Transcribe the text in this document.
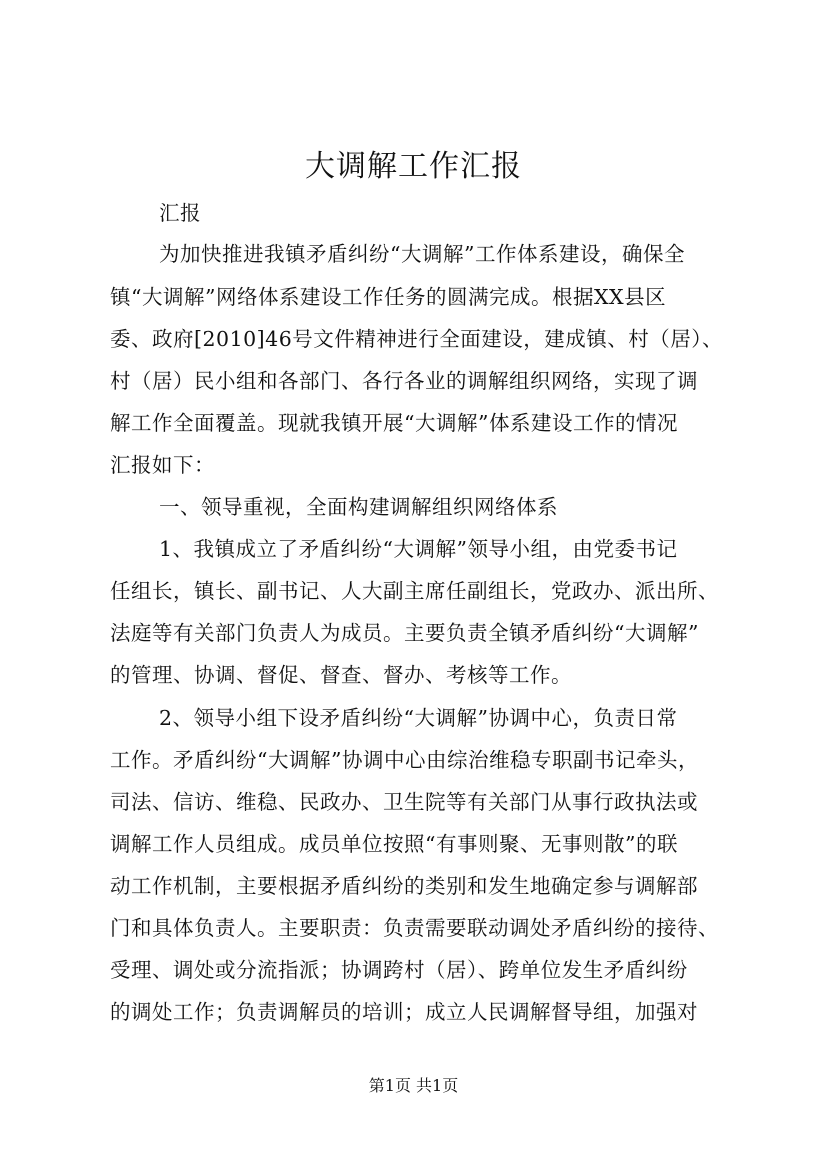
大调解工作汇报
汇报
为加快推进我镇矛盾纠纷“大调解”工作体系建设，确保全
镇“大调解”网络体系建设工作任务的圆满完成。根据XX县区
委、政府[2010]46号文件精神进行全面建设，建成镇、村（居）、
村（居）民小组和各部门、各行各业的调解组织网络，实现了调
解工作全面覆盖。现就我镇开展“大调解”体系建设工作的情况
汇报如下：
一、领导重视，全面构建调解组织网络体系
1、我镇成立了矛盾纠纷“大调解”领导小组，由党委书记
任组长，镇长、副书记、人大副主席任副组长，党政办、派出所、
法庭等有关部门负责人为成员。主要负责全镇矛盾纠纷“大调解”
的管理、协调、督促、督查、督办、考核等工作。
2、领导小组下设矛盾纠纷“大调解”协调中心，负责日常
工作。矛盾纠纷“大调解”协调中心由综治维稳专职副书记牵头，
司法、信访、维稳、民政办、卫生院等有关部门从事行政执法或
调解工作人员组成。成员单位按照“有事则聚、无事则散”的联
动工作机制，主要根据矛盾纠纷的类别和发生地确定参与调解部
门和具体负责人。主要职责：负责需要联动调处矛盾纠纷的接待、
受理、调处或分流指派；协调跨村（居）、跨单位发生矛盾纠纷
的调处工作；负责调解员的培训；成立人民调解督导组，加强对
第1页 共1页
